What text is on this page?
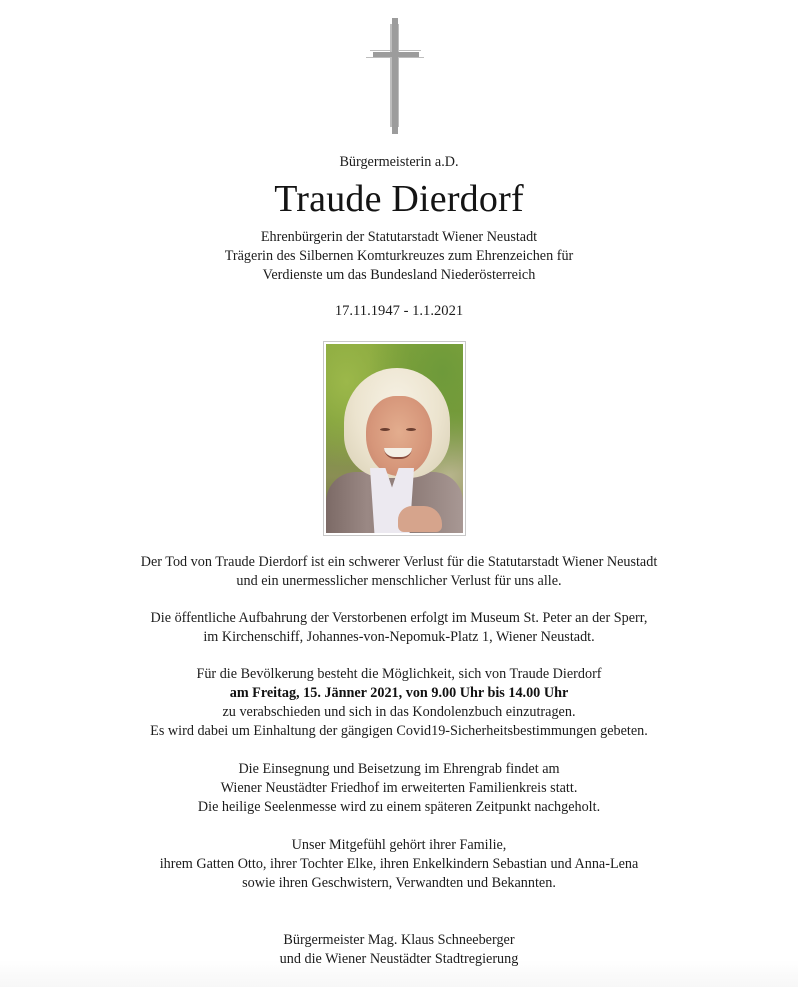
Bürgermeisterin a.D.
Traude Dierdorf
Ehrenbürgerin der Statutarstadt Wiener Neustadt
Trägerin des Silbernen Komturkreuzes zum Ehrenzeichen für
Verdienste um das Bundesland Niederösterreich
17.11.1947 - 1.1.2021
Der Tod von Traude Dierdorf ist ein schwerer Verlust für die Statutarstadt Wiener Neustadt
und ein unermesslicher menschlicher Verlust für uns alle.
Die öffentliche Aufbahrung der Verstorbenen erfolgt im Museum St. Peter an der Sperr,
im Kirchenschiff, Johannes-von-Nepomuk-Platz 1, Wiener Neustadt.
Für die Bevölkerung besteht die Möglichkeit, sich von Traude Dierdorf
am Freitag, 15. Jänner 2021, von 9.00 Uhr bis 14.00 Uhr
zu verabschieden und sich in das Kondolenzbuch einzutragen.
Es wird dabei um Einhaltung der gängigen Covid19-Sicherheitsbestimmungen gebeten.
Die Einsegnung und Beisetzung im Ehrengrab findet am
Wiener Neustädter Friedhof im erweiterten Familienkreis statt.
Die heilige Seelenmesse wird zu einem späteren Zeitpunkt nachgeholt.
Unser Mitgefühl gehört ihrer Familie,
ihrem Gatten Otto, ihrer Tochter Elke, ihren Enkelkindern Sebastian und Anna-Lena
sowie ihren Geschwistern, Verwandten und Bekannten.
Bürgermeister Mag. Klaus Schneeberger
und die Wiener Neustädter Stadtregierung
